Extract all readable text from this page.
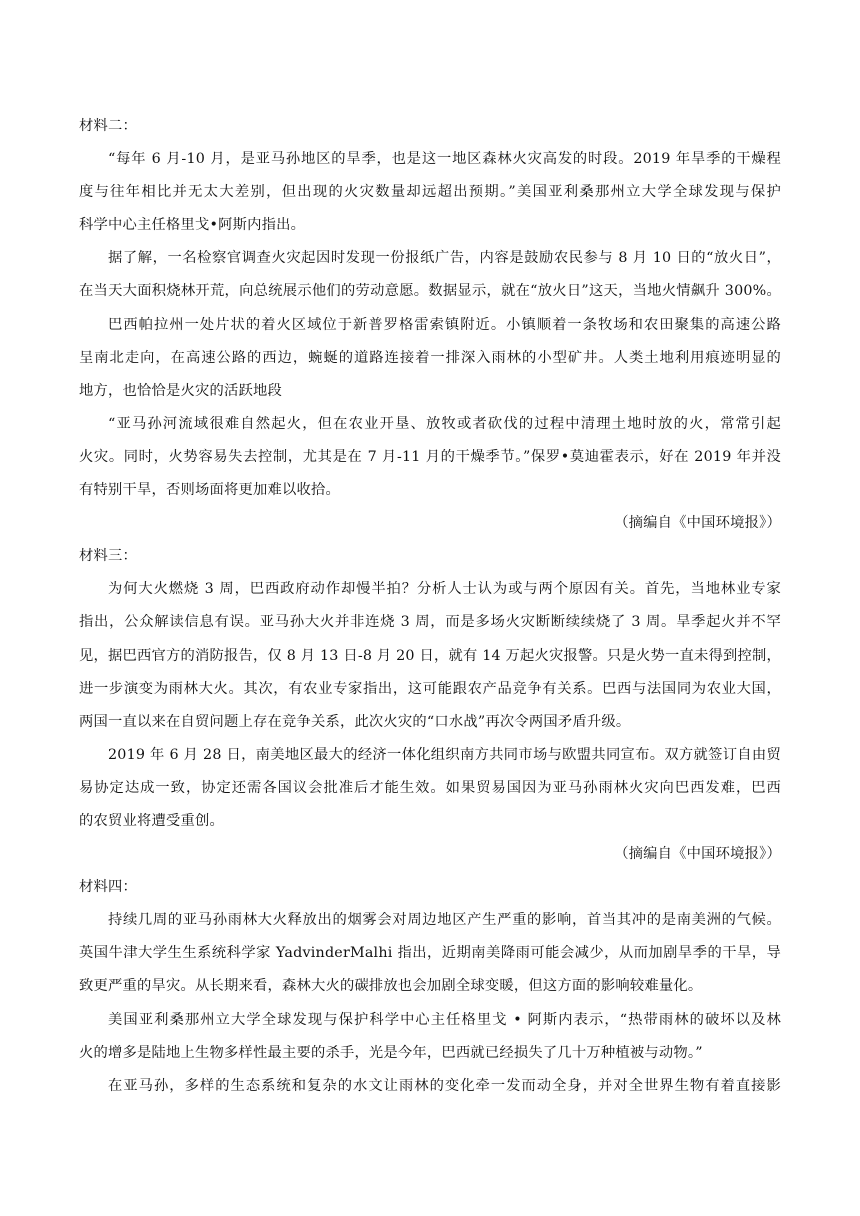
材料二：
“每年 6 月-10 月，是亚马孙地区的旱季，也是这一地区森林火灾高发的时段。2019 年旱季的干燥程
度与往年相比并无太大差别，但出现的火灾数量却远超出预期。”美国亚利桑那州立大学全球发现与保护
科学中心主任格里戈•阿斯内指出。
据了解，一名检察官调查火灾起因时发现一份报纸广告，内容是鼓励农民参与 8 月 10 日的“放火日”，
在当天大面积烧林开荒，向总统展示他们的劳动意愿。数据显示，就在“放火日”这天，当地火情飙升 300%。
巴西帕拉州一处片状的着火区域位于新普罗格雷索镇附近。小镇顺着一条牧场和农田聚集的高速公路
呈南北走向，在高速公路的西边，蜿蜒的道路连接着一排深入雨林的小型矿井。人类土地利用痕迹明显的
地方，也恰恰是火灾的活跃地段
“亚马孙河流域很难自然起火，但在农业开垦、放牧或者砍伐的过程中清理土地时放的火，常常引起
火灾。同时，火势容易失去控制，尤其是在 7 月-11 月的干燥季节。”保罗•莫迪霍表示，好在 2019 年并没
有特别干旱，否则场面将更加难以收拾。
（摘编自《中国环境报》）
材料三：
为何大火燃烧 3 周，巴西政府动作却慢半拍？分析人士认为或与两个原因有关。首先，当地林业专家
指出，公众解读信息有误。亚马孙大火并非连烧 3 周，而是多场火灾断断续续烧了 3 周。旱季起火并不罕
见，据巴西官方的消防报告，仅 8 月 13 日-8 月 20 日，就有 14 万起火灾报警。只是火势一直未得到控制，
进一步演变为雨林大火。其次，有农业专家指出，这可能跟农产品竞争有关系。巴西与法国同为农业大国，
两国一直以来在自贸问题上存在竞争关系，此次火灾的“口水战”再次令两国矛盾升级。
2019 年 6 月 28 日，南美地区最大的经济一体化组织南方共同市场与欧盟共同宣布。双方就签订自由贸
易协定达成一致，协定还需各国议会批准后才能生效。如果贸易国因为亚马孙雨林火灾向巴西发难，巴西
的农贸业将遭受重创。
（摘编自《中国环境报》）
材料四：
持续几周的亚马孙雨林大火释放出的烟雾会对周边地区产生严重的影响，首当其冲的是南美洲的气候。
英国牛津大学生生系统科学家 YadvinderMalhi 指出，近期南美降雨可能会减少，从而加剧旱季的干旱，导
致更严重的旱灾。从长期来看，森林大火的碳排放也会加剧全球变暖，但这方面的影响较难量化。
美国亚利桑那州立大学全球发现与保护科学中心主任格里戈 • 阿斯内表示，“热带雨林的破坏以及林
火的增多是陆地上生物多样性最主要的杀手，光是今年，巴西就已经损失了几十万种植被与动物。”
在亚马孙，多样的生态系统和复杂的水文让雨林的变化牵一发而动全身，并对全世界生物有着直接影
